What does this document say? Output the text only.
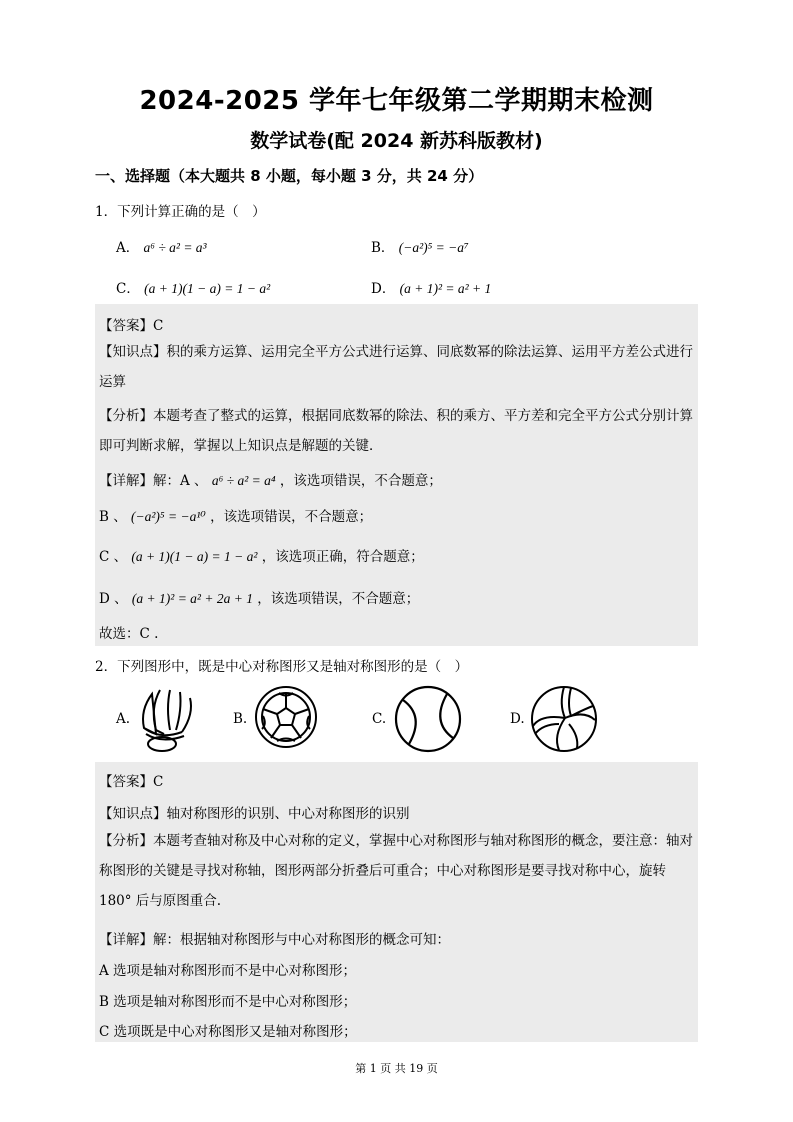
2024-2025 学年七年级第二学期期末检测
数学试卷(配 2024 新苏科版教材)
一、选择题（本大题共 8 小题，每小题 3 分，共 24 分）
1．下列计算正确的是（　）
A． a⁶ ÷ a² = a³	B． (−a²)⁵ = −a⁷
C． (a + 1)(1 − a) = 1 − a²	D． (a + 1)² = a² + 1
【答案】C
【知识点】积的乘方运算、运用完全平方公式进行运算、同底数幂的除法运算、运用平方差公式进行运算
【分析】本题考查了整式的运算，根据同底数幂的除法、积的乘方、平方差和完全平方公式分别计算即可判断求解，掌握以上知识点是解题的关键．
【详解】解：A 、 a⁶ ÷ a² = a⁴ ，该选项错误，不合题意；
B 、 (−a²)⁵ = −a¹⁰ ，该选项错误，不合题意；
C 、 (a + 1)(1 − a) = 1 − a² ，该选项正确，符合题意；
D 、 (a + 1)² = a² + 2a + 1 ，该选项错误，不合题意；
故选：C .
2．下列图形中，既是中心对称图形又是轴对称图形的是（　）
A.	B.	C.	D.
【答案】C
【知识点】轴对称图形的识别、中心对称图形的识别
【分析】本题考查轴对称及中心对称的定义，掌握中心对称图形与轴对称图形的概念，要注意：轴对称图形的关键是寻找对称轴，图形两部分折叠后可重合；中心对称图形是要寻找对称中心，旋转 180° 后与原图重合.
【详解】解：根据轴对称图形与中心对称图形的概念可知：
A 选项是轴对称图形而不是中心对称图形；
B 选项是轴对称图形而不是中心对称图形；
C 选项既是中心对称图形又是轴对称图形；
第 1 页 共 19 页
